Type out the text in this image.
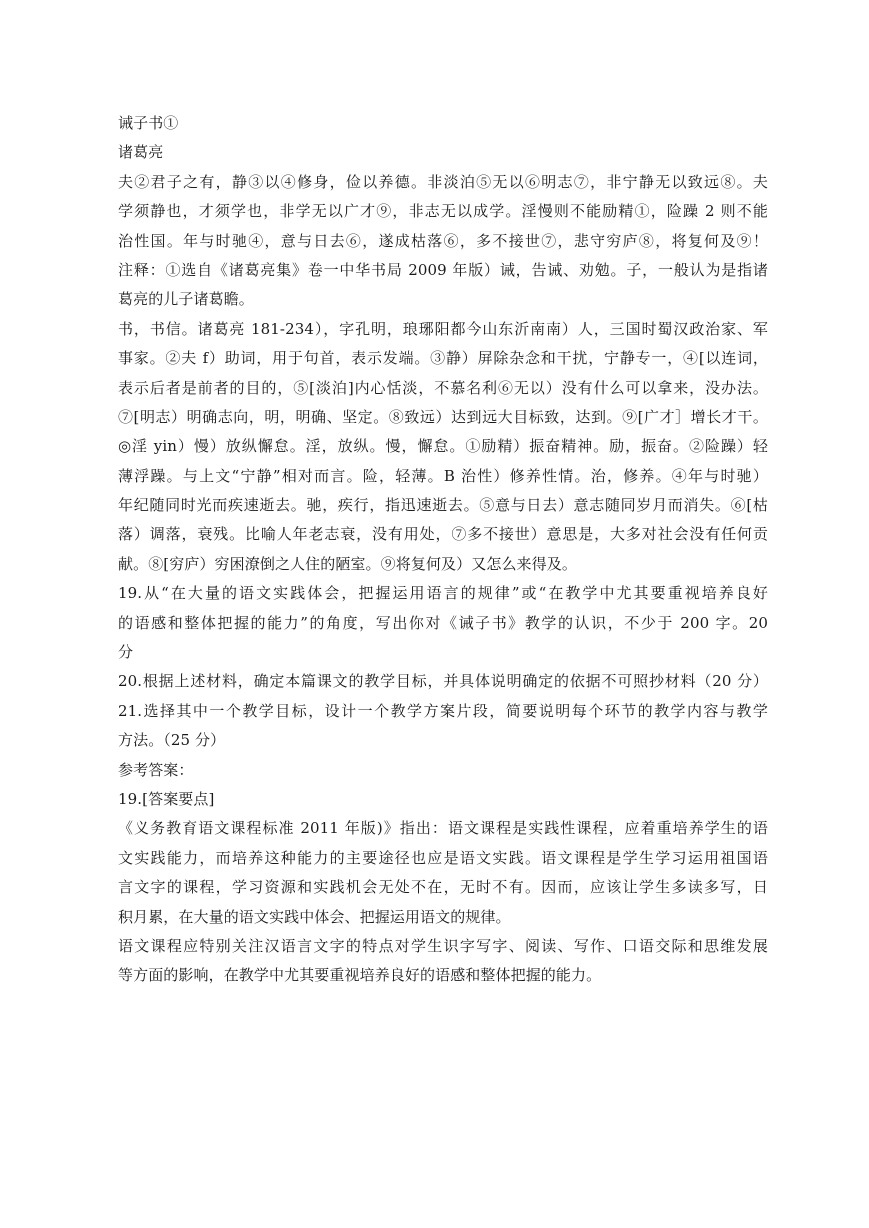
诫子书①
诸葛亮
夫②君子之有，静③以④修身，俭以养德。非淡泊⑤无以⑥明志⑦，非宁静无以致远⑧。夫
学须静也，才须学也，非学无以广才⑨，非志无以成学。淫慢则不能励精①，险躁 2 则不能
治性国。年与时驰④，意与日去⑥，遂成枯落⑥，多不接世⑦，悲守穷庐⑧，将复何及⑨！
注释：①选自《诸葛亮集》卷一中华书局 2009 年版）诫，告诫、劝勉。子，一般认为是指诸
葛亮的儿子诸葛瞻。
书，书信。诸葛亮 181-234），字孔明，琅琊阳都今山东沂南南）人，三国时蜀汉政治家、军
事家。②夫 f）助词，用于句首，表示发端。③静）屏除杂念和干扰，宁静专一，④[以连词，
表示后者是前者的目的，⑤[淡泊]内心恬淡，不慕名利⑥无以）没有什么可以拿来，没办法。
⑦[明志）明确志向，明，明确、坚定。⑧致远）达到远大目标致，达到。⑨[广才］增长才干。
◎淫 yin）慢）放纵懈怠。淫，放纵。慢，懈怠。①励精）振奋精神。励，振奋。②险躁）轻
薄浮躁。与上文“宁静”相对而言。险，轻薄。B 治性）修养性情。治，修养。④年与时驰）
年纪随同时光而疾速逝去。驰，疾行，指迅速逝去。⑤意与日去）意志随同岁月而消失。⑥[枯
落）调落，衰残。比喻人年老志衰，没有用处，⑦多不接世）意思是，大多对社会没有任何贡
献。⑧[穷庐）穷困潦倒之人住的陋室。⑨将复何及）又怎么来得及。
19.从“在大量的语文实践体会，把握运用语言的规律”或“在教学中尤其要重视培养良好
的语感和整体把握的能力”的角度，写出你对《诫子书》教学的认识，不少于 200 字。20
分
20.根据上述材料，确定本篇课文的教学目标，并具体说明确定的依据不可照抄材料（20 分）
21.选择其中一个教学目标，设计一个教学方案片段，简要说明每个环节的教学内容与教学
方法。（25 分）
参考答案：
19.[答案要点]
《义务教育语文课程标准 2011 年版)》指出：语文课程是实践性课程，应着重培养学生的语
文实践能力，而培养这种能力的主要途径也应是语文实践。语文课程是学生学习运用祖国语
言文字的课程，学习资源和实践机会无处不在，无时不有。因而，应该让学生多读多写，日
积月累，在大量的语文实践中体会、把握运用语文的规律。
语文课程应特别关注汉语言文字的特点对学生识字写字、阅读、写作、口语交际和思维发展
等方面的影响，在教学中尤其要重视培养良好的语感和整体把握的能力。
